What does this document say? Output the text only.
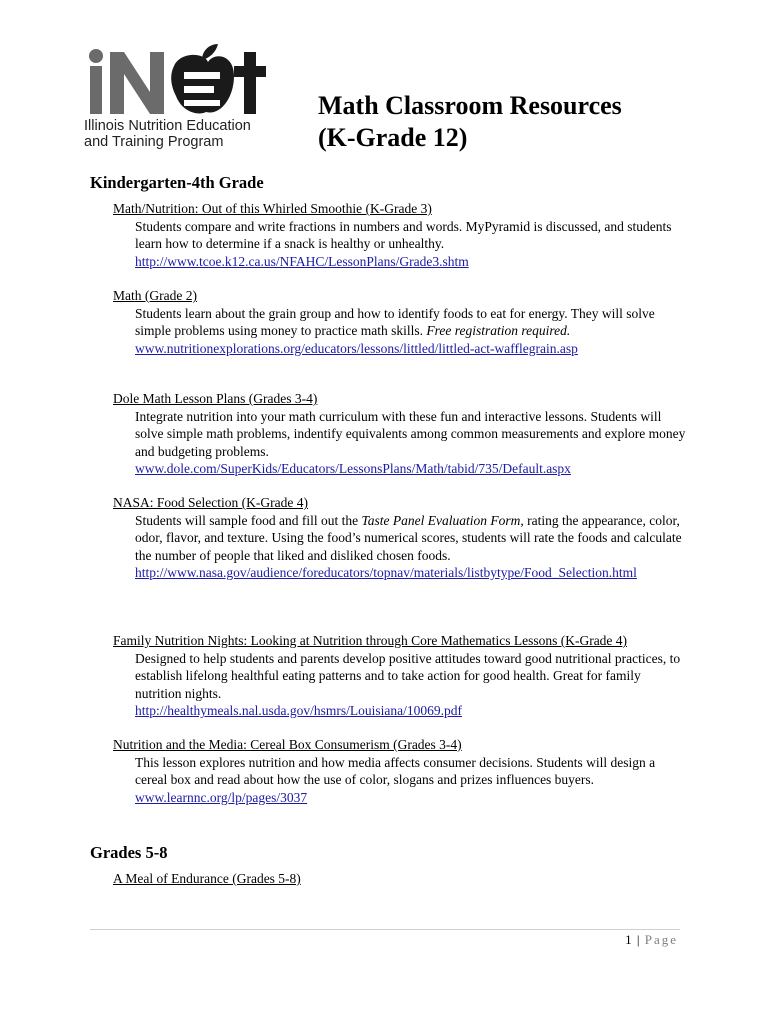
Illinois Nutrition Education
and Training Program
Math Classroom Resources
(K-Grade 12)
Kindergarten-4th Grade
Math/Nutrition: Out of this Whirled Smoothie (K-Grade 3)
Students compare and write fractions in numbers and words. MyPyramid is discussed, and students learn how to determine if a snack is healthy or unhealthy.
http://www.tcoe.k12.ca.us/NFAHC/LessonPlans/Grade3.shtm
Math (Grade 2)
Students learn about the grain group and how to identify foods to eat for energy. They will solve simple problems using money to practice math skills. Free registration required.
www.nutritionexplorations.org/educators/lessons/littled/littled-act-wafflegrain.asp
Dole Math Lesson Plans (Grades 3-4)
Integrate nutrition into your math curriculum with these fun and interactive lessons. Students will solve simple math problems, indentify equivalents among common measurements and explore money and budgeting problems.
www.dole.com/SuperKids/Educators/LessonsPlans/Math/tabid/735/Default.aspx
NASA: Food Selection (K-Grade 4)
Students will sample food and fill out the Taste Panel Evaluation Form, rating the appearance, color, odor, flavor, and texture. Using the food’s numerical scores, students will rate the foods and calculate the number of people that liked and disliked chosen foods.
http://www.nasa.gov/audience/foreducators/topnav/materials/listbytype/Food_Selection.html
Family Nutrition Nights: Looking at Nutrition through Core Mathematics Lessons (K-Grade 4)
Designed to help students and parents develop positive attitudes toward good nutritional practices, to establish lifelong healthful eating patterns and to take action for good health. Great for family nutrition nights.
http://healthymeals.nal.usda.gov/hsmrs/Louisiana/10069.pdf
Nutrition and the Media: Cereal Box Consumerism (Grades 3-4)
This lesson explores nutrition and how media affects consumer decisions. Students will design a cereal box and read about how the use of color, slogans and prizes influences buyers.
www.learnnc.org/lp/pages/3037
Grades 5-8
A Meal of Endurance (Grades 5-8)
1 | Page
